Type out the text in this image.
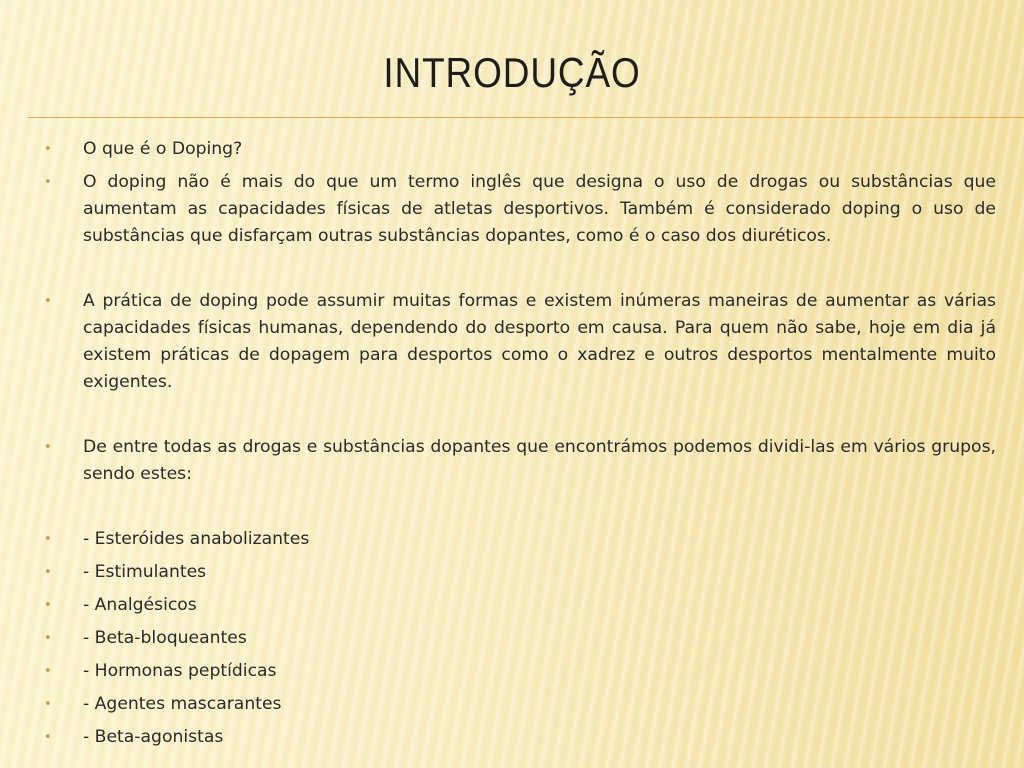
INTRODUÇÃO
• O que é o Doping?
• O doping não é mais do que um termo inglês que designa o uso de drogas ou substâncias que aumentam as capacidades físicas de atletas desportivos. Também é considerado doping o uso de substâncias que disfarçam outras substâncias dopantes, como é o caso dos diuréticos.
• A prática de doping pode assumir muitas formas e existem inúmeras maneiras de aumentar as várias capacidades físicas humanas, dependendo do desporto em causa. Para quem não sabe, hoje em dia já existem práticas de dopagem para desportos como o xadrez e outros desportos mentalmente muito exigentes.
• De entre todas as drogas e substâncias dopantes que encontrámos podemos dividi-las em vários grupos, sendo estes:
• - Esteróides anabolizantes
• - Estimulantes
• - Analgésicos
• - Beta-bloqueantes
• - Hormonas peptídicas
• - Agentes mascarantes
• - Beta-agonistas
